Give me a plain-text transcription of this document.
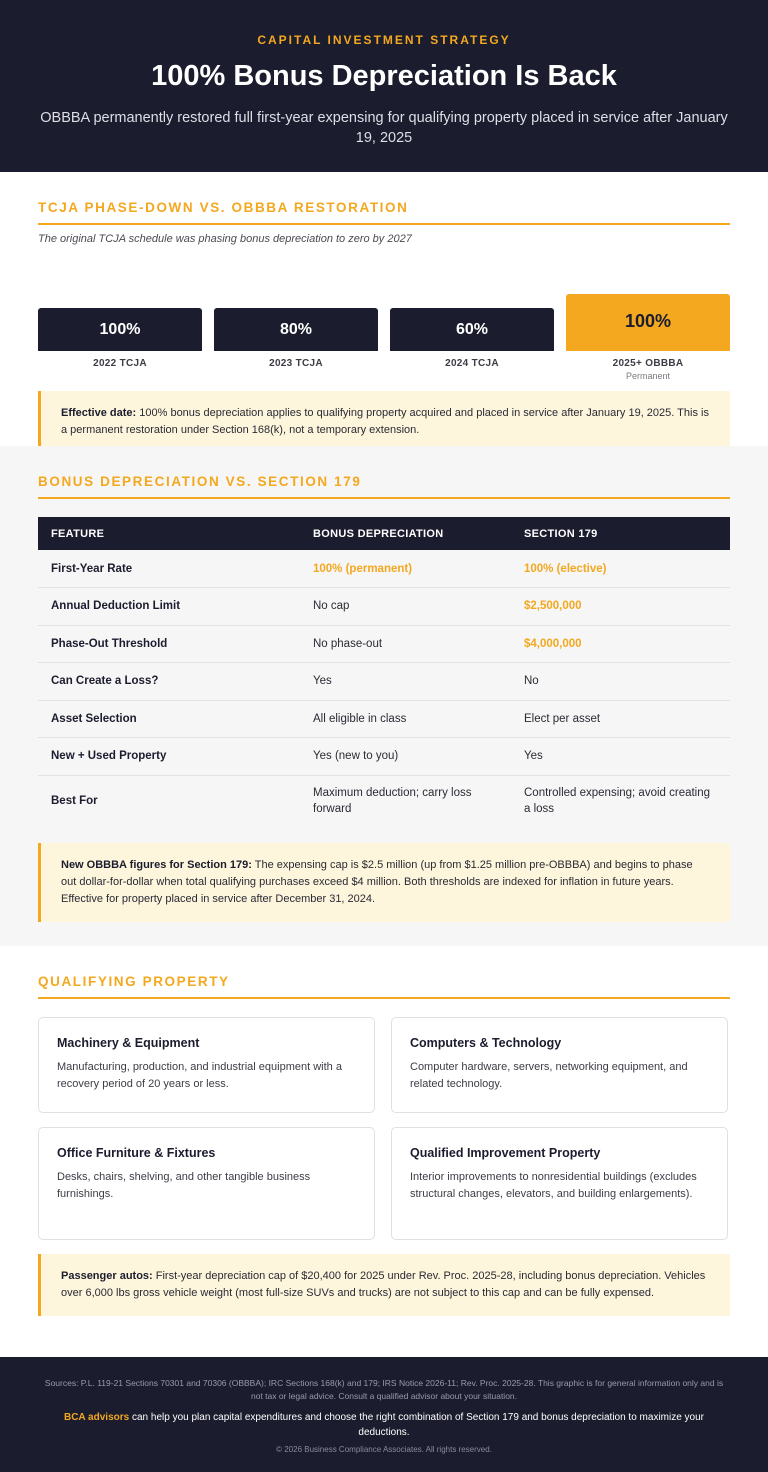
CAPITAL INVESTMENT STRATEGY
100% Bonus Depreciation Is Back

OBBBA permanently restored full first-year expensing for qualifying property placed in service after January 19, 2025

TCJA PHASE-DOWN VS. OBBBA RESTORATION

The original TCJA schedule was phasing bonus depreciation to zero by 2027

100%	80%	60%	100%
2022 TCJA	2023 TCJA	2024 TCJA	2025+ OBBBA
Permanent
Effective date: 100% bonus depreciation applies to qualifying property acquired and placed in service after January 19, 2025. This is a permanent restoration under Section 168(k), not a temporary extension.
BONUS DEPRECIATION VS. SECTION 179
FEATURE	BONUS DEPRECIATION	SECTION 179
First-Year Rate	100% (permanent)	100% (elective)
Annual Deduction Limit	No cap	$2,500,000
Phase-Out Threshold	No phase-out	$4,000,000
Can Create a Loss?	Yes	No
Asset Selection	All eligible in class	Elect per asset
New + Used Property	Yes (new to you)	Yes
Best For	Maximum deduction; carry loss forward	Controlled expensing; avoid creating a loss
New OBBBA figures for Section 179: The expensing cap is $2.5 million (up from $1.25 million pre-OBBBA) and begins to phase out dollar-for-dollar when total qualifying purchases exceed $4 million. Both thresholds are indexed for inflation in future years. Effective for property placed in service after December 31, 2024.
QUALIFYING PROPERTY
Machinery & Equipment

Manufacturing, production, and industrial equipment with a recovery period of 20 years or less.

Computers & Technology

Computer hardware, servers, networking equipment, and related technology.

Office Furniture & Fixtures

Desks, chairs, shelving, and other tangible business furnishings.

Qualified Improvement Property

Interior improvements to nonresidential buildings (excludes structural changes, elevators, and building enlargements).

Passenger autos: First-year depreciation cap of $20,400 for 2025 under Rev. Proc. 2025-28, including bonus depreciation. Vehicles over 6,000 lbs gross vehicle weight (most full-size SUVs and trucks) are not subject to this cap and can be fully expensed.

Sources: P.L. 119-21 Sections 70301 and 70306 (OBBBA); IRC Sections 168(k) and 179; IRS Notice 2026-11; Rev. Proc. 2025-28. This graphic is for general information only and is not tax or legal advice. Consult a qualified advisor about your situation.

BCA advisors can help you plan capital expenditures and choose the right combination of Section 179 and bonus depreciation to maximize your deductions.

© 2026 Business Compliance Associates. All rights reserved.
